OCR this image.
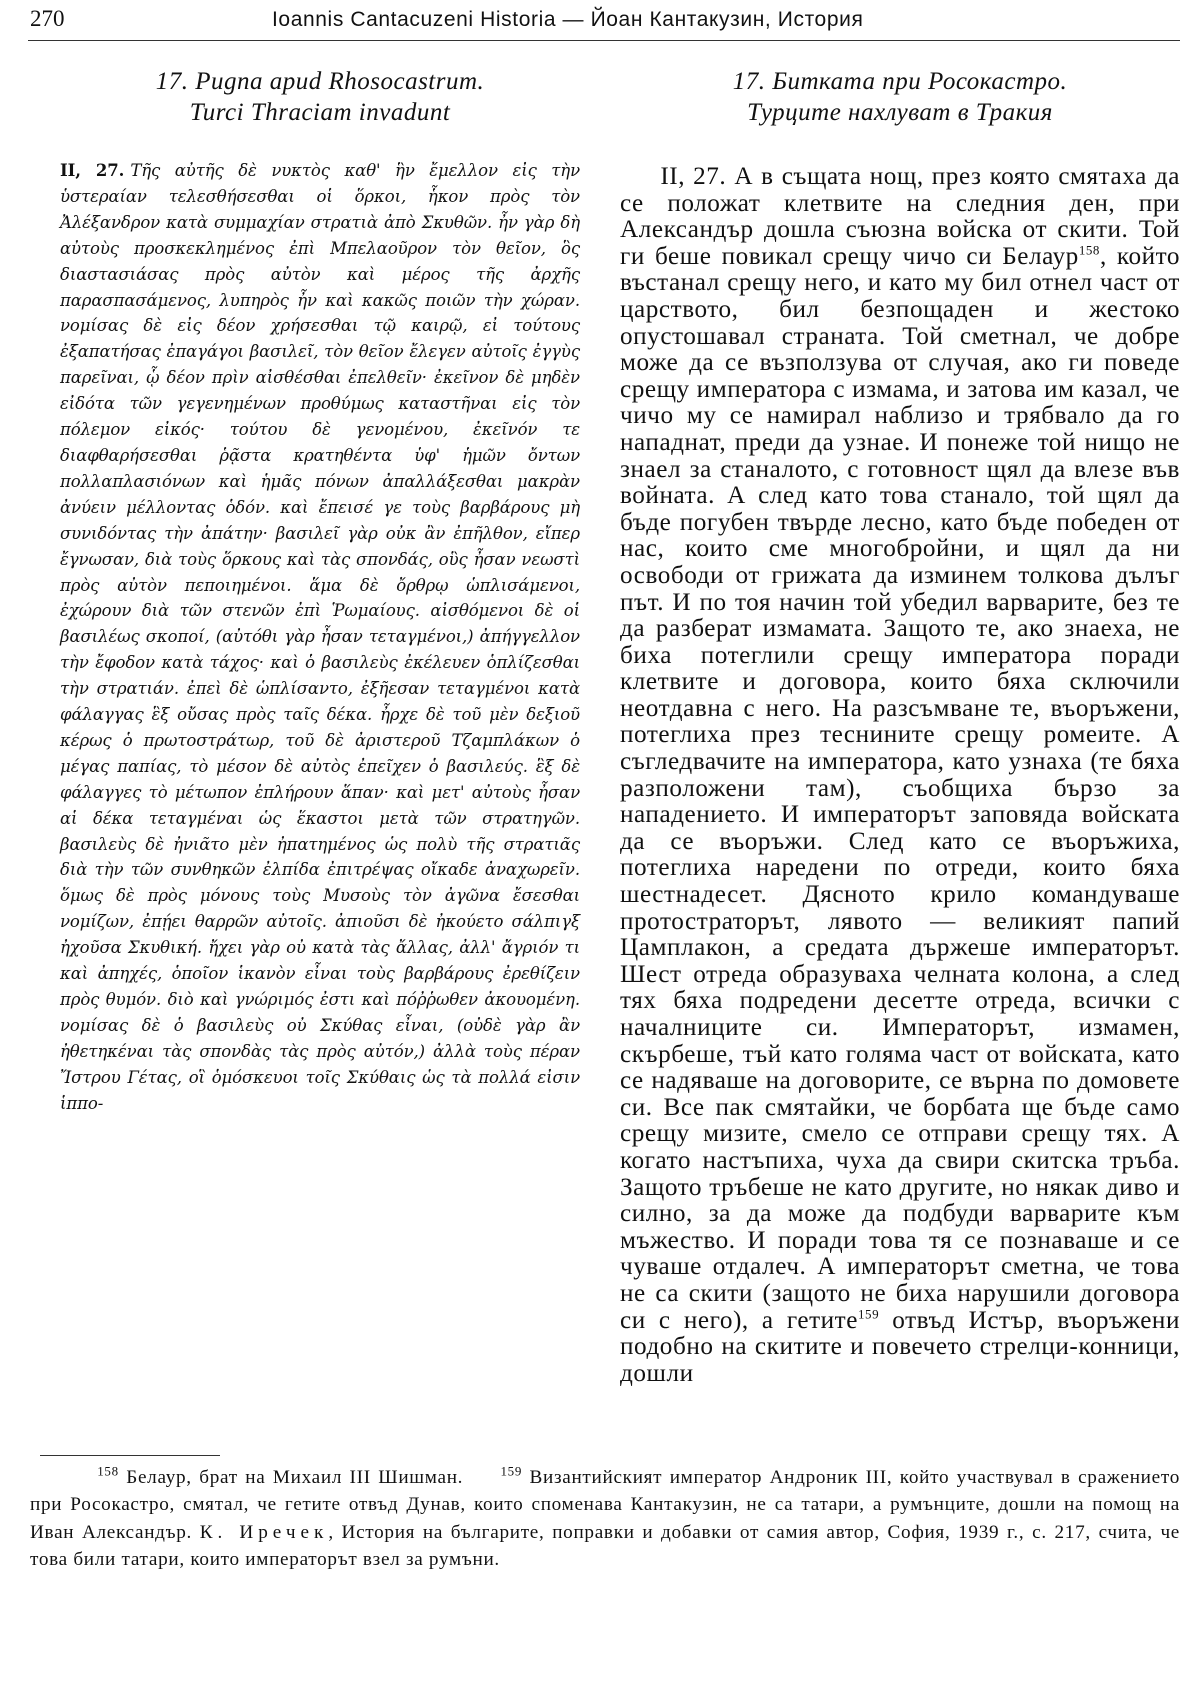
270	Ioannis Cantacuzeni Historia — Йоан Кантакузин, История
17. Pugna apud Rhosocastrum.
Turci Thraciam invadunt

II, 27. Τῆς αὐτῆς δὲ νυκτὸς καθ' ἣν ἔμελλον εἰς τὴν ὑστεραίαν τελεσθήσεσθαι οἱ ὅρκοι, ἧκον πρὸς τὸν Ἀλέξανδρον κατὰ συμμαχίαν στρατιὰ ἀπὸ Σκυθῶν. ἦν γὰρ δὴ αὐτοὺς προσκεκλημένος ἐπὶ Μπελαοῦρον τὸν θεῖον, ὃς διαστασιάσας πρὸς αὐτὸν καὶ μέρος τῆς ἀρχῆς παρασπασάμενος, λυπηρὸς ἦν καὶ κακῶς ποιῶν τὴν χώραν. νομίσας δὲ εἰς δέον χρήσεσθαι τῷ καιρῷ, εἰ τούτους ἐξαπατήσας ἐπαγάγοι βασιλεῖ, τὸν θεῖον ἔλεγεν αὐτοῖς ἐγγὺς παρεῖναι, ᾧ δέον πρὶν αἰσθέσθαι ἐπελθεῖν· ἐκεῖνον δὲ μηδὲν εἰδότα τῶν γεγενημένων προθύμως καταστῆναι εἰς τὸν πόλεμον εἰκός· τούτου δὲ γενομένου, ἐκεῖνόν τε διαφθαρήσεσθαι ῥᾷστα κρατηθέντα ὑφ' ἡμῶν ὄντων πολλαπλασιόνων καὶ ἡμᾶς πόνων ἀπαλλάξεσθαι μακρὰν ἀνύειν μέλλοντας ὁδόν. καὶ ἔπεισέ γε τοὺς βαρβάρους μὴ συνιδόντας τὴν ἀπάτην· βασιλεῖ γὰρ οὐκ ἂν ἐπῆλθον, εἴπερ ἔγνωσαν, διὰ τοὺς ὅρκους καὶ τὰς σπονδάς, οὓς ἦσαν νεωστὶ πρὸς αὐτὸν πεποιημένοι. ἅμα δὲ ὄρθρῳ ὡπλισάμενοι, ἐχώρουν διὰ τῶν στενῶν ἐπὶ Ῥωμαίους. αἰσθόμενοι δὲ οἱ βασιλέως σκοποί, (αὐτόθι γὰρ ἦσαν τεταγμένοι,) ἀπήγγελλον τὴν ἔφοδον κατὰ τάχος· καὶ ὁ βασιλεὺς ἐκέλευεν ὁπλίζεσθαι τὴν στρατιάν. ἐπεὶ δὲ ὡπλίσαντο, ἐξῆεσαν τεταγμένοι κατὰ φάλαγγας ἓξ οὔσας πρὸς ταῖς δέκα. ἦρχε δὲ τοῦ μὲν δεξιοῦ κέρως ὁ πρωτοστράτωρ, τοῦ δὲ ἀριστεροῦ Τζαμπλάκων ὁ μέγας παπίας, τὸ μέσον δὲ αὐτὸς ἐπεῖχεν ὁ βασιλεύς. ἓξ δὲ φάλαγγες τὸ μέτωπον ἐπλήρουν ἅπαν· καὶ μετ' αὐτοὺς ἦσαν αἱ δέκα τεταγμέναι ὡς ἕκαστοι μετὰ τῶν στρατηγῶν. βασιλεὺς δὲ ἠνιᾶτο μὲν ἠπατημένος ὡς πολὺ τῆς στρατιᾶς διὰ τὴν τῶν συνθηκῶν ἐλπίδα ἐπιτρέψας οἴκαδε ἀναχωρεῖν. ὅμως δὲ πρὸς μόνους τοὺς Μυσοὺς τὸν ἀγῶνα ἔσεσθαι νομίζων, ἐπῄει θαρρῶν αὐτοῖς. ἀπιοῦσι δὲ ἠκούετο σάλπιγξ ἠχοῦσα Σκυθική. ἤχει γὰρ οὐ κατὰ τὰς ἄλλας, ἀλλ' ἄγριόν τι καὶ ἀπηχές, ὁποῖον ἱκανὸν εἶναι τοὺς βαρβάρους ἐρεθίζειν πρὸς θυμόν. διὸ καὶ γνώριμός ἐστι καὶ πόῤῥωθεν ἀκουομένη. νομίσας δὲ ὁ βασιλεὺς οὐ Σκύθας εἶναι, (οὐδὲ γὰρ ἂν ἠθετηκέναι τὰς σπονδὰς τὰς πρὸς αὐτόν,) ἀλλὰ τοὺς πέραν Ἴστρου Γέτας, οἳ ὁμόσκευοι τοῖς Σκύθαις ὡς τὰ πολλά εἰσιν ἱππο-

17. Битката при Росокастро.
Турците нахлуват в Тракия

II, 27. А в същата нощ, през която смятаха да се положат клетвите на следния ден, при Александър дошла съюзна войска от скити. Той ги беше повикал срещу чичо си Белаур$^{158}$, който въстанал срещу него, и като му бил отнел част от царството, бил безпощаден и жестоко опустошавал страната. Той сметнал, че добре може да се възползува от случая, ако ги поведе срещу императора с измама, и затова им казал, че чичо му се намирал наблизо и трябвало да го нападнат, преди да узнае. И понеже той нищо не знаел за станалото, с готовност щял да влезе във войната. А след като това станало, той щял да бъде погубен твърде лесно, като бъде победен от нас, които сме многобройни, и щял да ни освободи от грижата да изминем толкова дълъг път. И по тоя начин той убедил варварите, без те да разберат измамата. Защото те, ако знаеха, не биха потеглили срещу императора поради клетвите и договора, които бяха сключили неотдавна с него. На разсъмване те, въоръжени, потеглиха през теснините срещу ромеите. А съгледвачите на императора, като узнаха (те бяха разположени там), съобщиха бързо за нападението. И императорът заповяда войската да се въоръжи. След като се въоръжиха, потеглиха наредени по отреди, които бяха шестнадесет. Дясното крило командуваше протостраторът, лявото — великият папий Цамплакон, а средата държеше императорът. Шест отреда образуваха челната колона, а след тях бяха подредени десетте отреда, всички с началниците си. Императорът, измамен, скърбеше, тъй като голяма част от войската, като се надяваше на договорите, се върна по домовете си. Все пак смятайки, че борбата ще бъде само срещу мизите, смело се отправи срещу тях. А когато настъпиха, чуха да свири скитска тръба. Защото тръбеше не като другите, но някак диво и силно, за да може да подбуди варварите към мъжество. И поради това тя се познаваше и се чуваше отдалеч. А императорът сметна, че това не са скити (защото не биха нарушили договора си с него), а гетите$^{159}$ отвъд Истър, въоръжени подобно на скитите и повечето стрелци-конници, дошли

$^{158}$ Белаур, брат на Михаил III Шишман.	$^{159}$ Византийският император Андроник III, който участвувал в сражението при Росокастро, смятал, че гетите отвъд Дунав, които споменава Кантакузин, не са татари, а румънците, дошли на помощ на Иван Александър. К. Иречек, История на българите, поправки и добавки от самия автор, София, 1939 г., с. 217, счита, че това били татари, които императорът взел за румъни.
